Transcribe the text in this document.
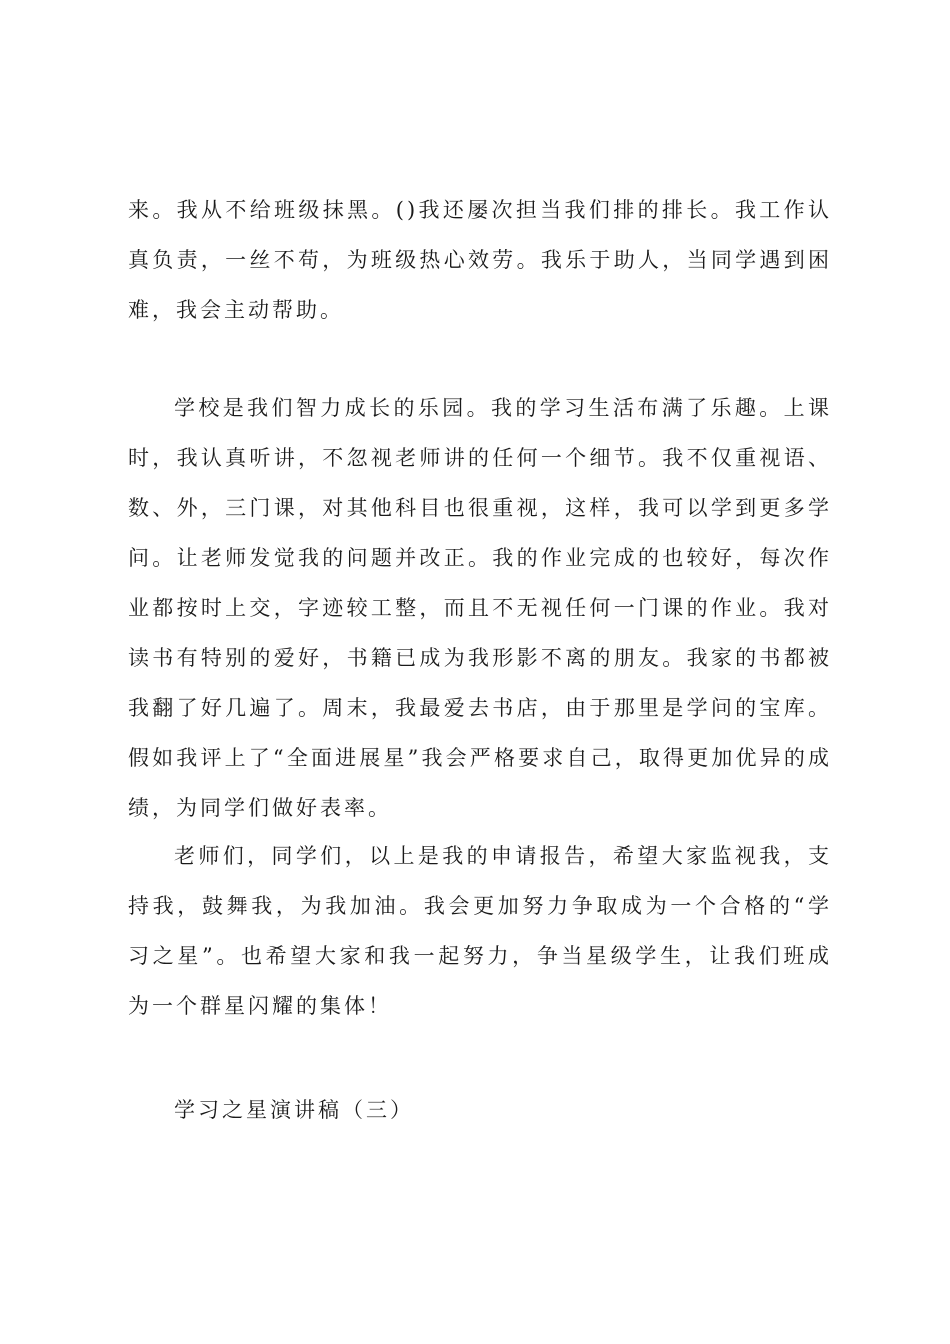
来。我从不给班级抹黑。()我还屡次担当我们排的排长。我工作认真负责，一丝不苟，为班级热心效劳。我乐于助人，当同学遇到困难，我会主动帮助。

学校是我们智力成长的乐园。我的学习生活布满了乐趣。上课时，我认真听讲，不忽视老师讲的任何一个细节。我不仅重视语、数、外，三门课，对其他科目也很重视，这样，我可以学到更多学问。让老师发觉我的问题并改正。我的作业完成的也较好，每次作业都按时上交，字迹较工整，而且不无视任何一门课的作业。我对读书有特别的爱好，书籍已成为我形影不离的朋友。我家的书都被我翻了好几遍了。周末，我最爱去书店，由于那里是学问的宝库。假如我评上了“全面进展星”我会严格要求自己，取得更加优异的成绩，为同学们做好表率。

老师们，同学们，以上是我的申请报告，希望大家监视我，支持我，鼓舞我，为我加油。我会更加努力争取成为一个合格的“学习之星”。也希望大家和我一起努力，争当星级学生，让我们班成为一个群星闪耀的集体！

学习之星演讲稿（三）
